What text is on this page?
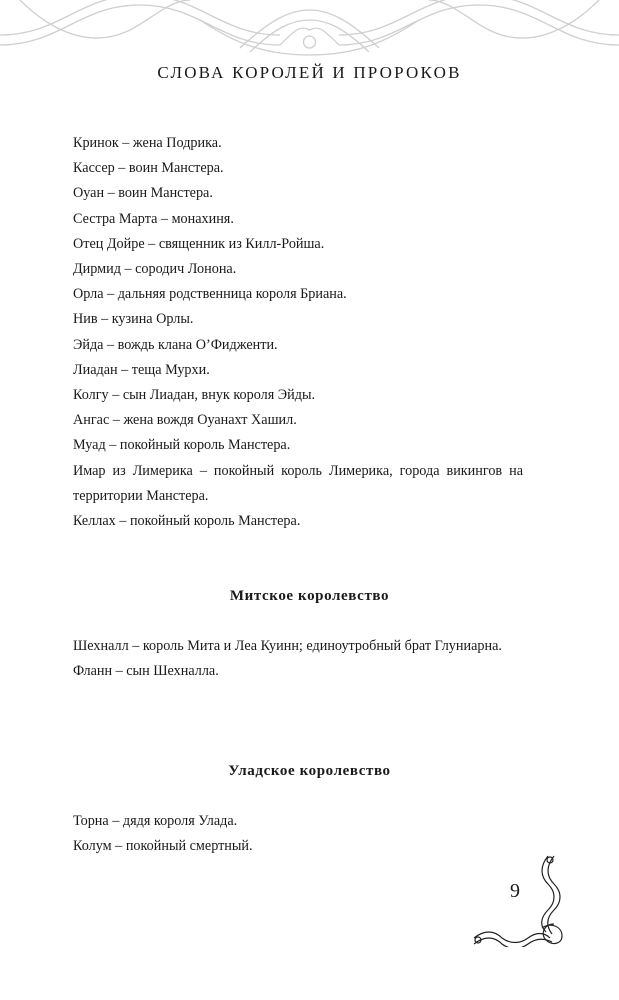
СЛОВА КОРОЛЕЙ И ПРОРОКОВ

Кринок – жена Подрика.

Кассер – воин Манстера.

Оуан – воин Манстера.

Сестра Марта – монахиня.

Отец Дойре – священник из Килл-Ройша.

Дирмид – сородич Лонона.

Орла – дальняя родственница короля Бриана.

Нив – кузина Орлы.

Эйда – вождь клана О’Фидженти.

Лиадан – теща Мурхи.

Колгу – сын Лиадан, внук короля Эйды.

Ангас – жена вождя Оуанахт Хашил.

Муад – покойный король Манстера.

Имар из Лимерика – покойный король Лимерика, города викингов на территории Манстера.

Келлах – покойный король Манстера.

Митское королевство

Шехналл – король Мита и Леа Куинн; единоутробный брат Глуниарна.

Фланн – сын Шехналла.

Уладское королевство

Торна – дядя короля Улада.

Колум – покойный смертный.

9
